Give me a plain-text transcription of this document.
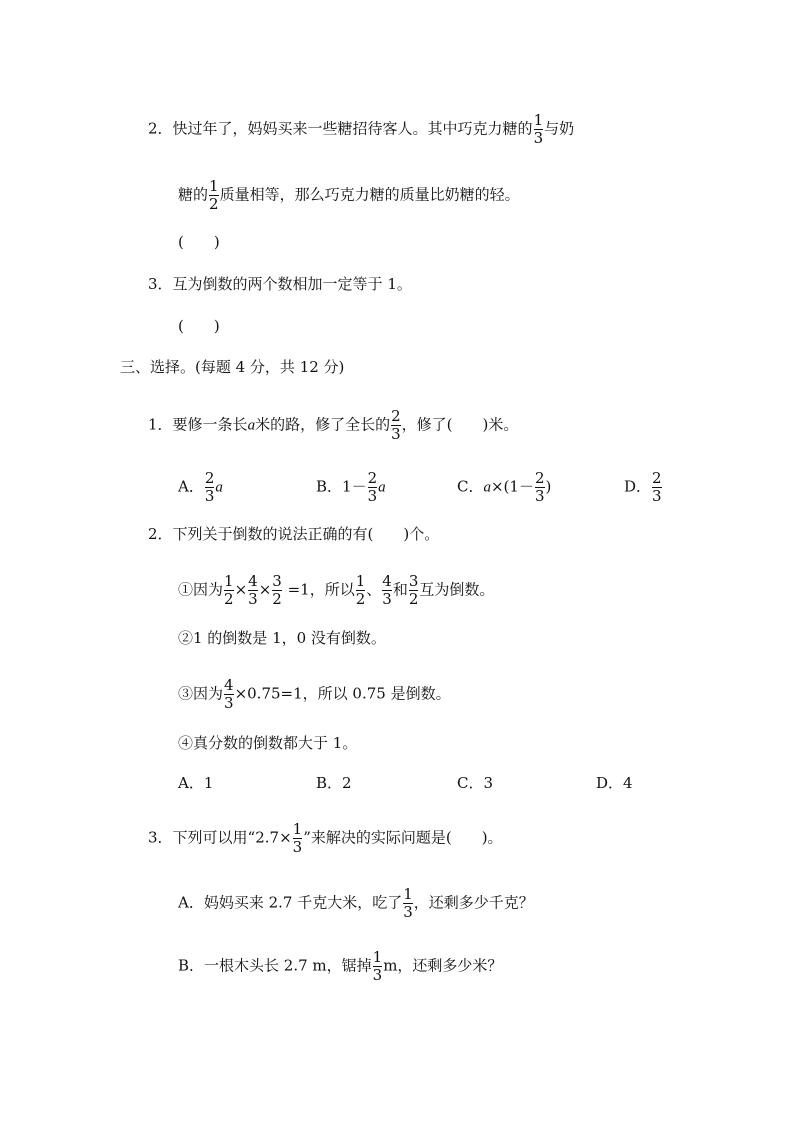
2．快过年了，妈妈买来一些糖招待客人。其中巧克力糖的 $\frac{1}{3}$ 与奶
糖的 $\frac{1}{2}$ 质量相等，那么巧克力糖的质量比奶糖的轻。
(　　)
3．互为倒数的两个数相加一定等于 1。
(　　)
三、选择。(每题 4 分，共 12 分)
1．要修一条长a米的路，修了全长的 $\frac{2}{3}$ ，修了(　　)米。
A． $\frac{2}{3}$ a	B．$1- \frac{2}{3}$ a	C．$a\times(1- \frac{2}{3}$ )	D． $\frac{2}{3}$
2．下列关于倒数的说法正确的有(　　)个。
①因为 $\frac{1}{2} \times \frac{4}{3} \times \frac{3}{2} =1$，所以 $\frac{1}{2}$ 、 $\frac{4}{3}$ 和 $\frac{3}{2}$ 互为倒数。
②1 的倒数是 1，0 没有倒数。
③因为 $\frac{4}{3} \times 0.75=1$，所以 0.75 是倒数。
④真分数的倒数都大于 1。
A．1	B．2	C．3	D．4
3．下列可以用“$2.7\times \frac{1}{3}$ ”来解决的实际问题是(　　)。
A．妈妈买来 2.7 千克大米，吃了 $\frac{1}{3}$ ，还剩多少千克？
B．一根木头长 2.7 m，锯掉 $\frac{1}{3}$ m，还剩多少米？
